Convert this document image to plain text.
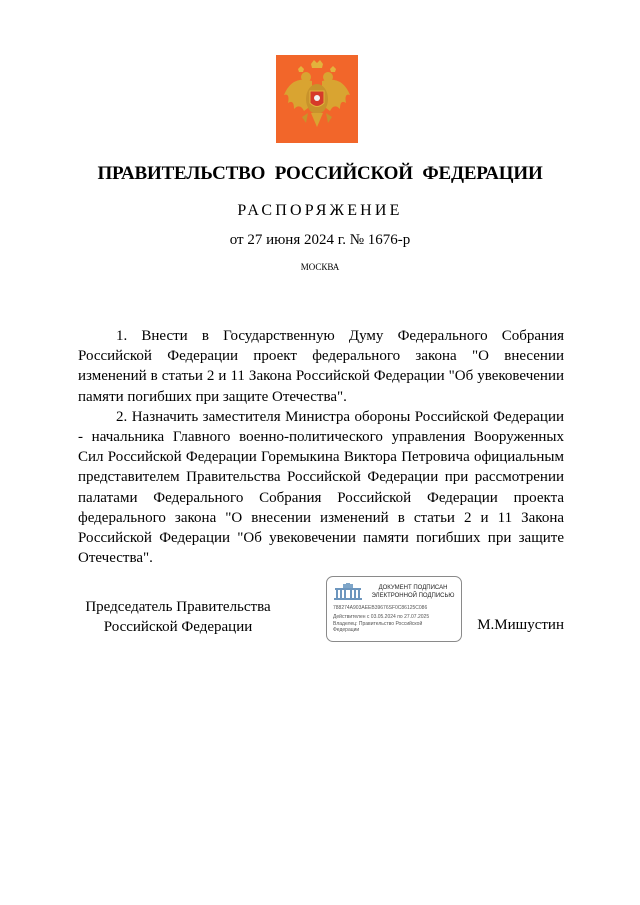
ПРАВИТЕЛЬСТВО РОССИЙСКОЙ ФЕДЕРАЦИИ
РАСПОРЯЖЕНИЕ
от 27 июня 2024 г. № 1676-р
МОСКВА

1. Внести в Государственную Думу Федерального Собрания Российской Федерации проект федерального закона "О внесении изменений в статьи 2 и 11 Закона Российской Федерации "Об увековечении памяти погибших при защите Отечества".

2. Назначить заместителя Министра обороны Российской Федерации - начальника Главного военно-политического управления Вооруженных Сил Российской Федерации Горемыкина Виктора Петровича официальным представителем Правительства Российской Федерации при рассмотрении палатами Федерального Собрания Российской Федерации проекта федерального закона "О внесении изменений в статьи 2 и 11 Закона Российской Федерации "Об увековечении памяти погибших при защите Отечества".

Председатель Правительства
Российской Федерации
ДОКУМЕНТ ПОДПИСАН
ЭЛЕКТРОННОЙ ПОДПИСЬЮ
788274A903AEEB39676SF0C86125C086
Действителен с 03.05.2024 по 27.07.2025
Владелец: Правительство Российской
Федерации	М.Мишустин
